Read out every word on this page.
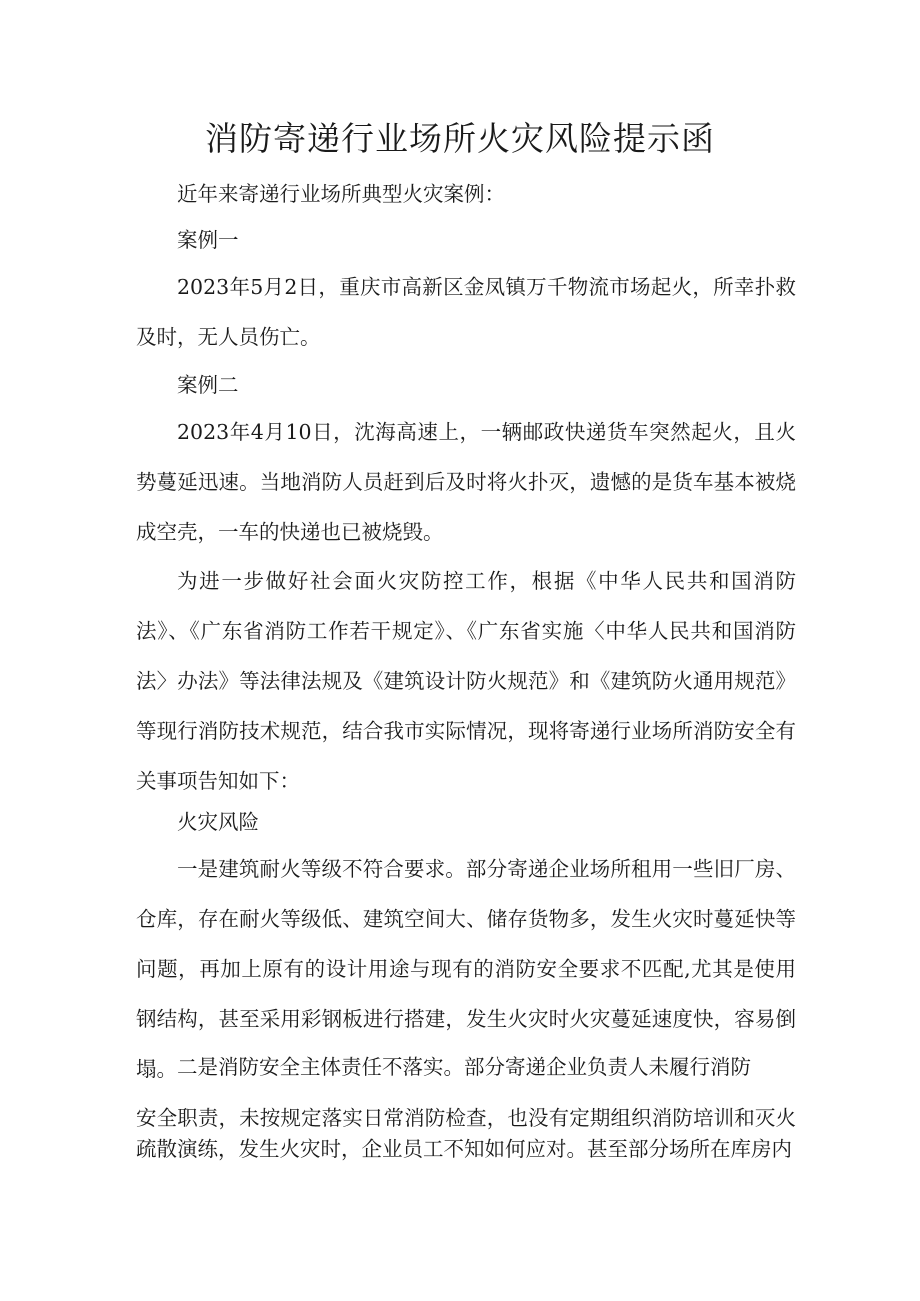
消防寄递行业场所火灾风险提示函

近年来寄递行业场所典型火灾案例：

案例一

2023年5月2日，重庆市高新区金凤镇万千物流市场起火，所幸扑救及时，无人员伤亡。

案例二

2023年4月10日，沈海高速上，一辆邮政快递货车突然起火，且火势蔓延迅速。当地消防人员赶到后及时将火扑灭，遗憾的是货车基本被烧成空壳，一车的快递也已被烧毁。

为进一步做好社会面火灾防控工作，根据《中华人民共和国消防法》、《广东省消防工作若干规定》、《广东省实施〈中华人民共和国消防法〉办法》等法律法规及《建筑设计防火规范》和《建筑防火通用规范》等现行消防技术规范，结合我市实际情况，现将寄递行业场所消防安全有关事项告知如下：

火灾风险

一是建筑耐火等级不符合要求。部分寄递企业场所租用一些旧厂房、仓库，存在耐火等级低、建筑空间大、储存货物多，发生火灾时蔓延快等问题，再加上原有的设计用途与现有的消防安全要求不匹配,尤其是使用钢结构，甚至采用彩钢板进行搭建，发生火灾时火灾蔓延速度快，容易倒塌。 二是消防安全主体责任不落实。部分寄递企业负责人未履行消防

安全职责，未按规定落实日常消防检查，也没有定期组织消防培训和灭火疏散演练，发生火灾时，企业员工不知如何应对。甚至部分场所在库房内
